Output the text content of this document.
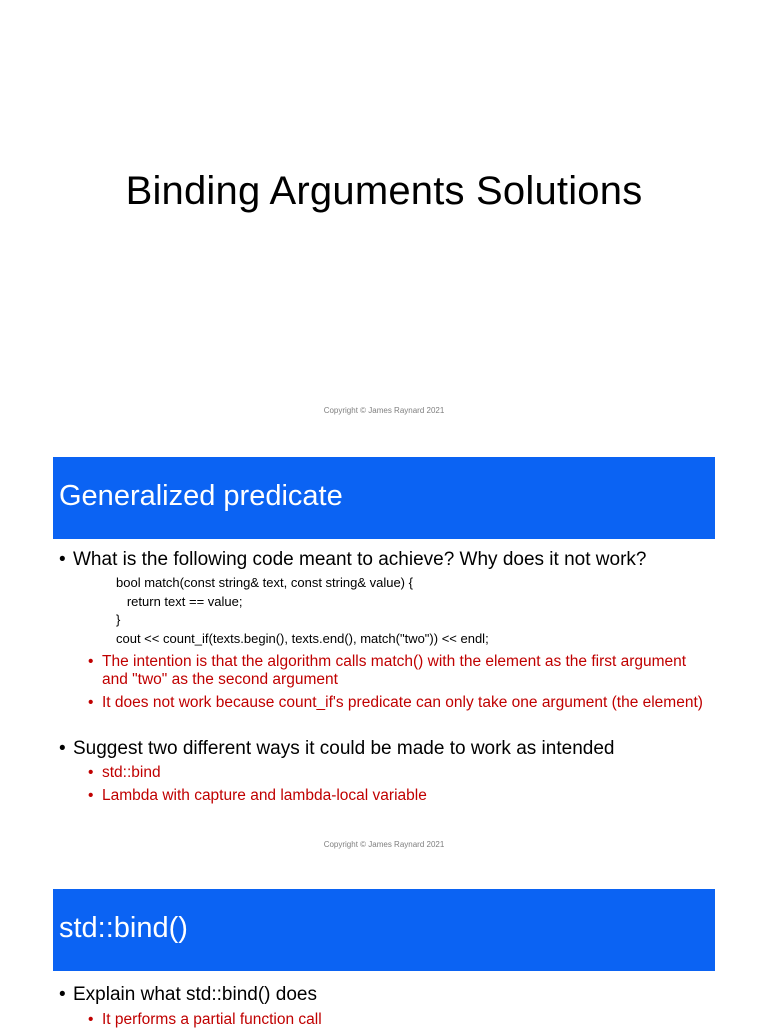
Binding Arguments Solutions
Copyright © James Raynard 2021
Generalized predicate
• What is the following code meant to achieve? Why does it not work?
bool match(const string& text, const string& value) {
return text == value;
}
cout << count_if(texts.begin(), texts.end(), match("two")) << endl;
• The intention is that the algorithm calls match() with the element as the first argument and "two" as the second argument
• It does not work because count_if's predicate can only take one argument (the element)
• Suggest two different ways it could be made to work as intended
• std::bind
• Lambda with capture and lambda-local variable
Copyright © James Raynard 2021
std::bind()
• Explain what std::bind() does
• It performs a partial function call
